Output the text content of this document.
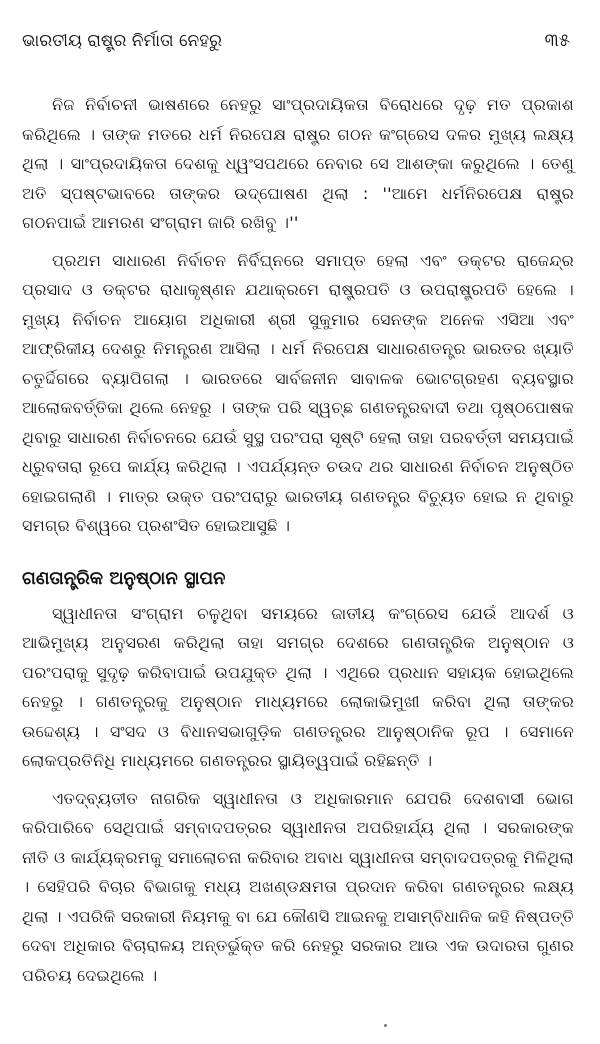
ଭାରତୀୟ ରାଷ୍ଟ୍ର ନିର୍ମାତା ନେହରୁ	୩୫

ନିଜ ନିର୍ବାଚନୀ ଭାଷଣରେ ନେହରୁ ସାଂପ୍ରଦାୟିକତା ବିରୋଧରେ ଦୃଢ଼ ମତ ପ୍ରକାଶ କରିଥିଲେ । ତାଙ୍କ ମତରେ ଧର୍ମ ନିରପେକ୍ଷ ରାଷ୍ଟ୍ର ଗଠନ କଂଗ୍ରେସ ଦଳର ମୁଖ୍ୟ ଲକ୍ଷ୍ୟ ଥିଲା । ସାଂପ୍ରଦାୟିକତା ଦେଶକୁ ଧ୍ୱଂସପଥରେ ନେବାର ସେ ଆଶଙ୍କା କରୁଥିଲେ । ତେଣୁ ଅତି ସ୍ପଷ୍ଟଭାବରେ ତାଙ୍କର ଉଦ୍‌ଘୋଷଣ ଥିଲା : ''ଆମେ ଧର୍ମନିରପେକ୍ଷ ରାଷ୍ଟ୍ର ଗଠନପାଇଁ ଆମରଣ ସଂଗ୍ରାମ ଜାରି ରଖିବୁ ।''

ପ୍ରଥମ ସାଧାରଣ ନିର୍ବାଚନ ନିର୍ବିଘ୍ନରେ ସମାପ୍ତ ହେଲା ଏବଂ ଡକ୍ଟର ରାଜେନ୍ଦ୍ର ପ୍ରସାଦ ଓ ଡକ୍ଟର ରାଧାକୃଷ୍ଣନ ଯଥାକ୍ରମେ ରାଷ୍ଟ୍ରପତି ଓ ଉପରାଷ୍ଟ୍ରପତି ହେଲେ । ମୁଖ୍ୟ ନିର୍ବାଚନ ଆୟୋଗ ଅଧିକାରୀ ଶ୍ରୀ ସୁକୁମାର ସେନଙ୍କ ଅନେକ ଏସିଆ ଏବଂ ଆଫ୍ରିକୀୟ ଦେଶରୁ ନିମନ୍ତ୍ରଣ ଆସିଲା । ଧର୍ମ ନିରପେକ୍ଷ ସାଧାରଣତନ୍ତ୍ର ଭାରତର ଖ୍ୟାତି ଚତୁର୍ଦ୍ଦିଗରେ ବ୍ୟାପିଗଲା । ଭାରତରେ ସାର୍ବଜନୀନ ସାବାଳକ ଭୋଟଗ୍ରହଣ ବ୍ୟବସ୍ଥାର ଆଲୋକବର୍ତ୍ତିକା ଥିଲେ ନେହରୁ । ତାଙ୍କ ପରି ସ୍ୱଚ୍ଛ ଗଣତନ୍ତ୍ରବାଦୀ ତଥା ପୃଷ୍ଠପୋଷକ ଥିବାରୁ ସାଧାରଣ ନିର୍ବାଚନରେ ଯେଉଁ ସୁସ୍ଥ ପରଂପରା ସୃଷ୍ଟି ହେଲା ତାହା ପରବର୍ତ୍ତୀ ସମୟପାଇଁ ଧ୍ରୁବତାରା ରୂପେ କାର୍ଯ୍ୟ କରିଥିଲା । ଏପର୍ଯ୍ୟନ୍ତ ଚଉଦ ଥର ସାଧାରଣ ନିର୍ବାଚନ ଅନୁଷ୍ଠିତ ହୋଇଗଲାଣି । ମାତ୍ର ଉକ୍ତ ପରଂପରାରୁ ଭାରତୀୟ ଗଣତନ୍ତ୍ର ବିଚ୍ୟୁତ ହୋଇ ନ ଥିବାରୁ ସମଗ୍ର ବିଶ୍ୱରେ ପ୍ରଶଂସିତ ହୋଇଆସୁଛି ।

ଗଣତାନ୍ତ୍ରିକ ଅନୁଷ୍ଠାନ ସ୍ଥାପନ

ସ୍ୱାଧୀନତା ସଂଗ୍ରାମ ଚଳୁଥିବା ସମୟରେ ଜାତୀୟ କଂଗ୍ରେସ ଯେଉଁ ଆଦର୍ଶ ଓ ଆଭିମୁଖ୍ୟ ଅନୁସରଣ କରିଥିଲା ତାହା ସମଗ୍ର ଦେଶରେ ଗଣତାନ୍ତ୍ରିକ ଅନୁଷ୍ଠାନ ଓ ପରଂପରାକୁ ସୁଦୃଢ଼ କରିବାପାଇଁ ଉପଯୁକ୍ତ ଥିଲା । ଏଥିରେ ପ୍ରଧାନ ସହାୟକ ହୋଇଥିଲେ ନେହରୁ । ଗଣତନ୍ତ୍ରକୁ ଅନୁଷ୍ଠାନ ମାଧ୍ୟମରେ ଲୋକାଭିମୁଖୀ କରିବା ଥିଲା ତାଙ୍କର ଉଦ୍ଦେଶ୍ୟ । ସଂସଦ ଓ ବିଧାନସଭାଗୁଡ଼ିକ ଗଣତନ୍ତ୍ରର ଆନୁଷ୍ଠାନିକ ରୂପ । ସେମାନେ ଲୋକପ୍ରତିନିଧି ମାଧ୍ୟମରେ ଗଣତନ୍ତ୍ରର ସ୍ଥାୟିତ୍ୱପାଇଁ ରହିଛନ୍ତି ।

ଏତଦ୍‌ବ୍ୟତୀତ ନାଗରିକ ସ୍ୱାଧୀନତା ଓ ଅଧିକାରମାନ ଯେପରି ଦେଶବାସୀ ଭୋଗ କରିପାରିବେ ସେଥିପାଇଁ ସମ୍ବାଦପତ୍ରର ସ୍ୱାଧୀନତା ଅପରିହାର୍ଯ୍ୟ ଥିଲା । ସରକାରଙ୍କ ନୀତି ଓ କାର୍ଯ୍ୟକ୍ରମକୁ ସମାଲୋଚନା କରିବାର ଅବାଧ ସ୍ୱାଧୀନତା ସମ୍ବାଦପତ୍ରକୁ ମିଳିଥିଲା । ସେହିପରି ବିଚାର ବିଭାଗକୁ ମଧ୍ୟ ଅଖଣ୍ଡକ୍ଷମତା ପ୍ରଦାନ କରିବା ଗଣତନ୍ତ୍ରର ଲକ୍ଷ୍ୟ ଥିଲା । ଏପରିକି ସରକାରୀ ନିୟମକୁ ବା ଯେ କୌଣସି ଆଇନକୁ ଅସାମ୍ବିଧାନିକ କହି ନିଷ୍ପତ୍ତି ଦେବା ଅଧିକାର ବିଚାରାଳୟ ଅନ୍ତର୍ଭୁକ୍ତ କରି ନେହରୁ ସରକାର ଆଉ ଏକ ଉଦାରତା ଗୁଣର ପରିଚୟ ଦେଇଥିଲେ ।
